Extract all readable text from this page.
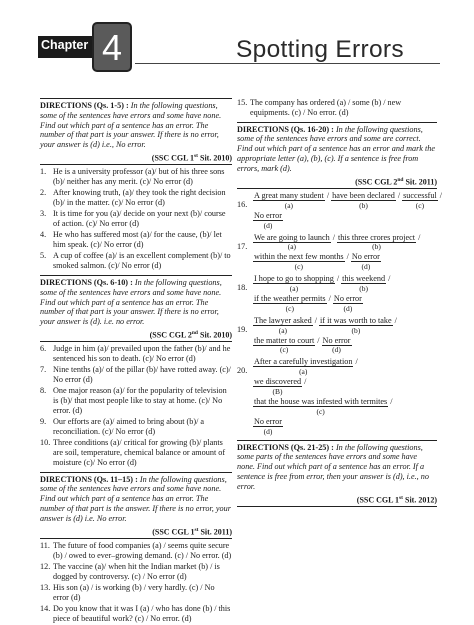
Chapter 4	Spotting Errors
DIRECTIONS (Qs. 1-5) : In the following questions, some of the sentences have errors and some have none. Find out which part of a sentence has an error. The number of that part is your answer. If there is no error, your answer is (d) i.e., No error.
(SSC CGL 1st Sit. 2010)
1. He is a university professor (a)/ but of his three sons (b)/ neither has any merit. (c)/ No error (d)
2. After knowing truth, (a)/ they took the right decision (b)/ in the matter. (c)/ No error (d)
3. It is time for you (a)/ decide on your next (b)/ course of action. (c)/ No error (d)
4. He who has suffered most (a)/ for the cause, (b)/ let him speak. (c)/ No error (d)
5. A cup of coffee (a)/ is an excellent complement (b)/ to smoked salmon. (c)/ No error (d)
DIRECTIONS (Qs. 6-10) : In the following questions, some of the sentences have errors and some have none. Find out which part of a sentence has an error. The number of that part is your answer. If there is no error, your answer is (d). i.e. no error.
(SSC CGL 2nd Sit. 2010)
6. Judge in him (a)/ prevailed upon the father (b)/ and he sentenced his son to death. (c)/ No error (d)
7. Nine tenths (a)/ of the pillar (b)/ have rotted away. (c)/ No error (d)
8. One major reason (a)/ for the popularity of television is (b)/ that most people like to stay at home. (c)/ No error. (d)
9. Our efforts are (a)/ aimed to bring about (b)/ a reconciliation. (c)/ No error (d)
10. Three conditions (a)/ critical for growing (b)/ plants are soil, temperature, chemical balance or amount of moisture (c)/ No error (d)
DIRECTIONS (Qs. 11–15) : In the following questions, some of the sentences have errors and some have none. Find out which part of a sentence has an error. The number of that part is the answer. If there is no error, your answer is (d) i.e. No error.
(SSC CGL 1st Sit. 2011)
11. The future of food companies (a) / seems quite secure (b) / owed to ever–growing demand. (c) / No error. (d)
12. The vaccine (a)/ when hit the Indian market (b) / is dogged by controversy. (c) / No error (d)
13. His son (a) / is working (b) / very hardly. (c) / No error (d)
14. Do you know that it was I (a) / who has done (b) / this piece of beautiful work? (c) / No error. (d)
15. The company has ordered (a) / some (b) / new equipments. (c) / No error. (d)
DIRECTIONS (Qs. 16-20) : In the following questions, some of the sentences have errors and some are correct. Find out which part of a sentence has an error and mark the appropriate letter (a), (b), (c). If a sentence is free from errors, mark (d).
(SSC CGL 2nd Sit. 2011)
16.
A great many student
(a)
/ have been declared
(b)
/ successful
(c)
/
No error
(d)
17.
We are going to launch
(a)
/ this three crores project
(b)
/
within the next few months
(c)
/ No error
(d)
18.
I hope to go to shopping
(a)
/ this weekend
(b)
/
if the weather permits
(c)
/ No error
(d)
19.
The lawyer asked
(a)
/ if it was worth to take
(b)
/
the matter to court
(c)
/ No error
(d)
20.
After a carefully investigation
(a)
/
we discovered
(B)
/
that the house was infested with termites
(c)
/
No error
(d)
DIRECTIONS (Qs. 21-25) : In the following questions, some parts of the sentences have errors and some have none. Find out which part of a sentence has an error. If a sentence is free from error, then your answer is (d), i.e., no error.
(SSC CGL 1st Sit. 2012)
